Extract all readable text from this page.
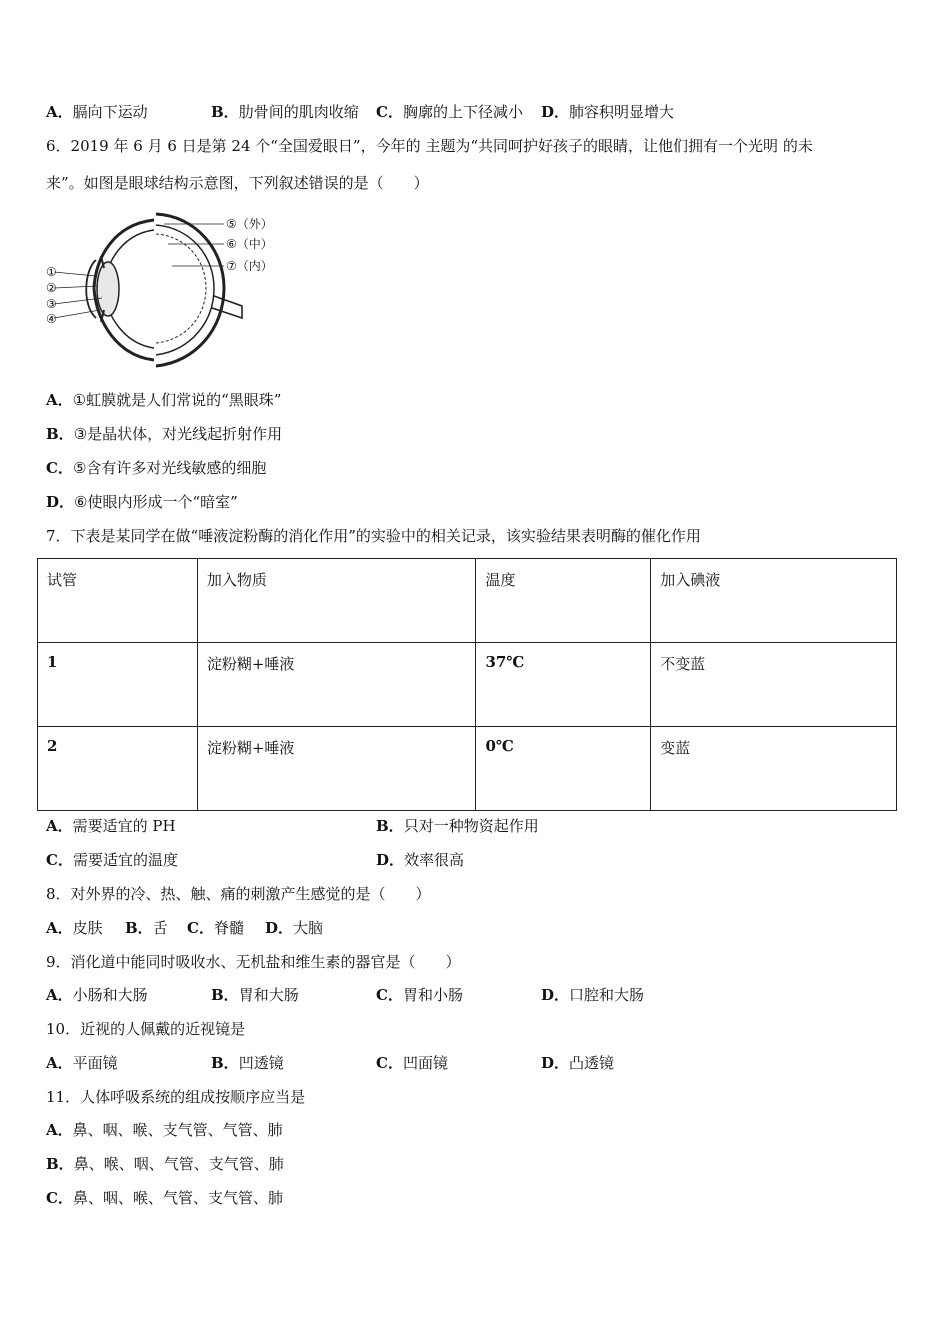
A．膈向下运动	B．肋骨间的肌肉收缩 C．胸廓的上下径减小 D．肺容积明显增大
6．2019 年 6 月 6 日是第 24 个“全国爱眼日”，今年的 主题为“共同呵护好孩子的眼睛，让他们拥有一个光明 的未
来”。如图是眼球结构示意图，下列叙述错误的是（　　）
①
②
③
④
⑤（外）
⑥（中）
⑦（内）
A．①虹膜就是人们常说的“黑眼珠”
B．③是晶状体，对光线起折射作用
C．⑤含有许多对光线敏感的细胞
D．⑥使眼内形成一个“暗室”
7．下表是某同学在做“唾液淀粉酶的消化作用”的实验中的相关记录，该实验结果表明酶的催化作用
试管	加入物质	温度	加入碘液
1	淀粉糊+唾液	37℃	不变蓝
2	淀粉糊+唾液	0℃	变蓝
A．需要适宜的 PH	B．只对一种物资起作用
C．需要适宜的温度	D．效率很高
8．对外界的冷、热、触、痛的刺激产生感觉的是（　　）
A．皮肤 B．舌 C．脊髓 D．大脑
9．消化道中能同时吸收水、无机盐和维生素的器官是（　　）
A．小肠和大肠	B．胃和大肠	C．胃和小肠	D．口腔和大肠
10．近视的人佩戴的近视镜是
A．平面镜	B．凹透镜	C．凹面镜	D．凸透镜
11．人体呼吸系统的组成按顺序应当是
A．鼻、咽、喉、支气管、气管、肺
B．鼻、喉、咽、气管、支气管、肺
C．鼻、咽、喉、气管、支气管、肺
